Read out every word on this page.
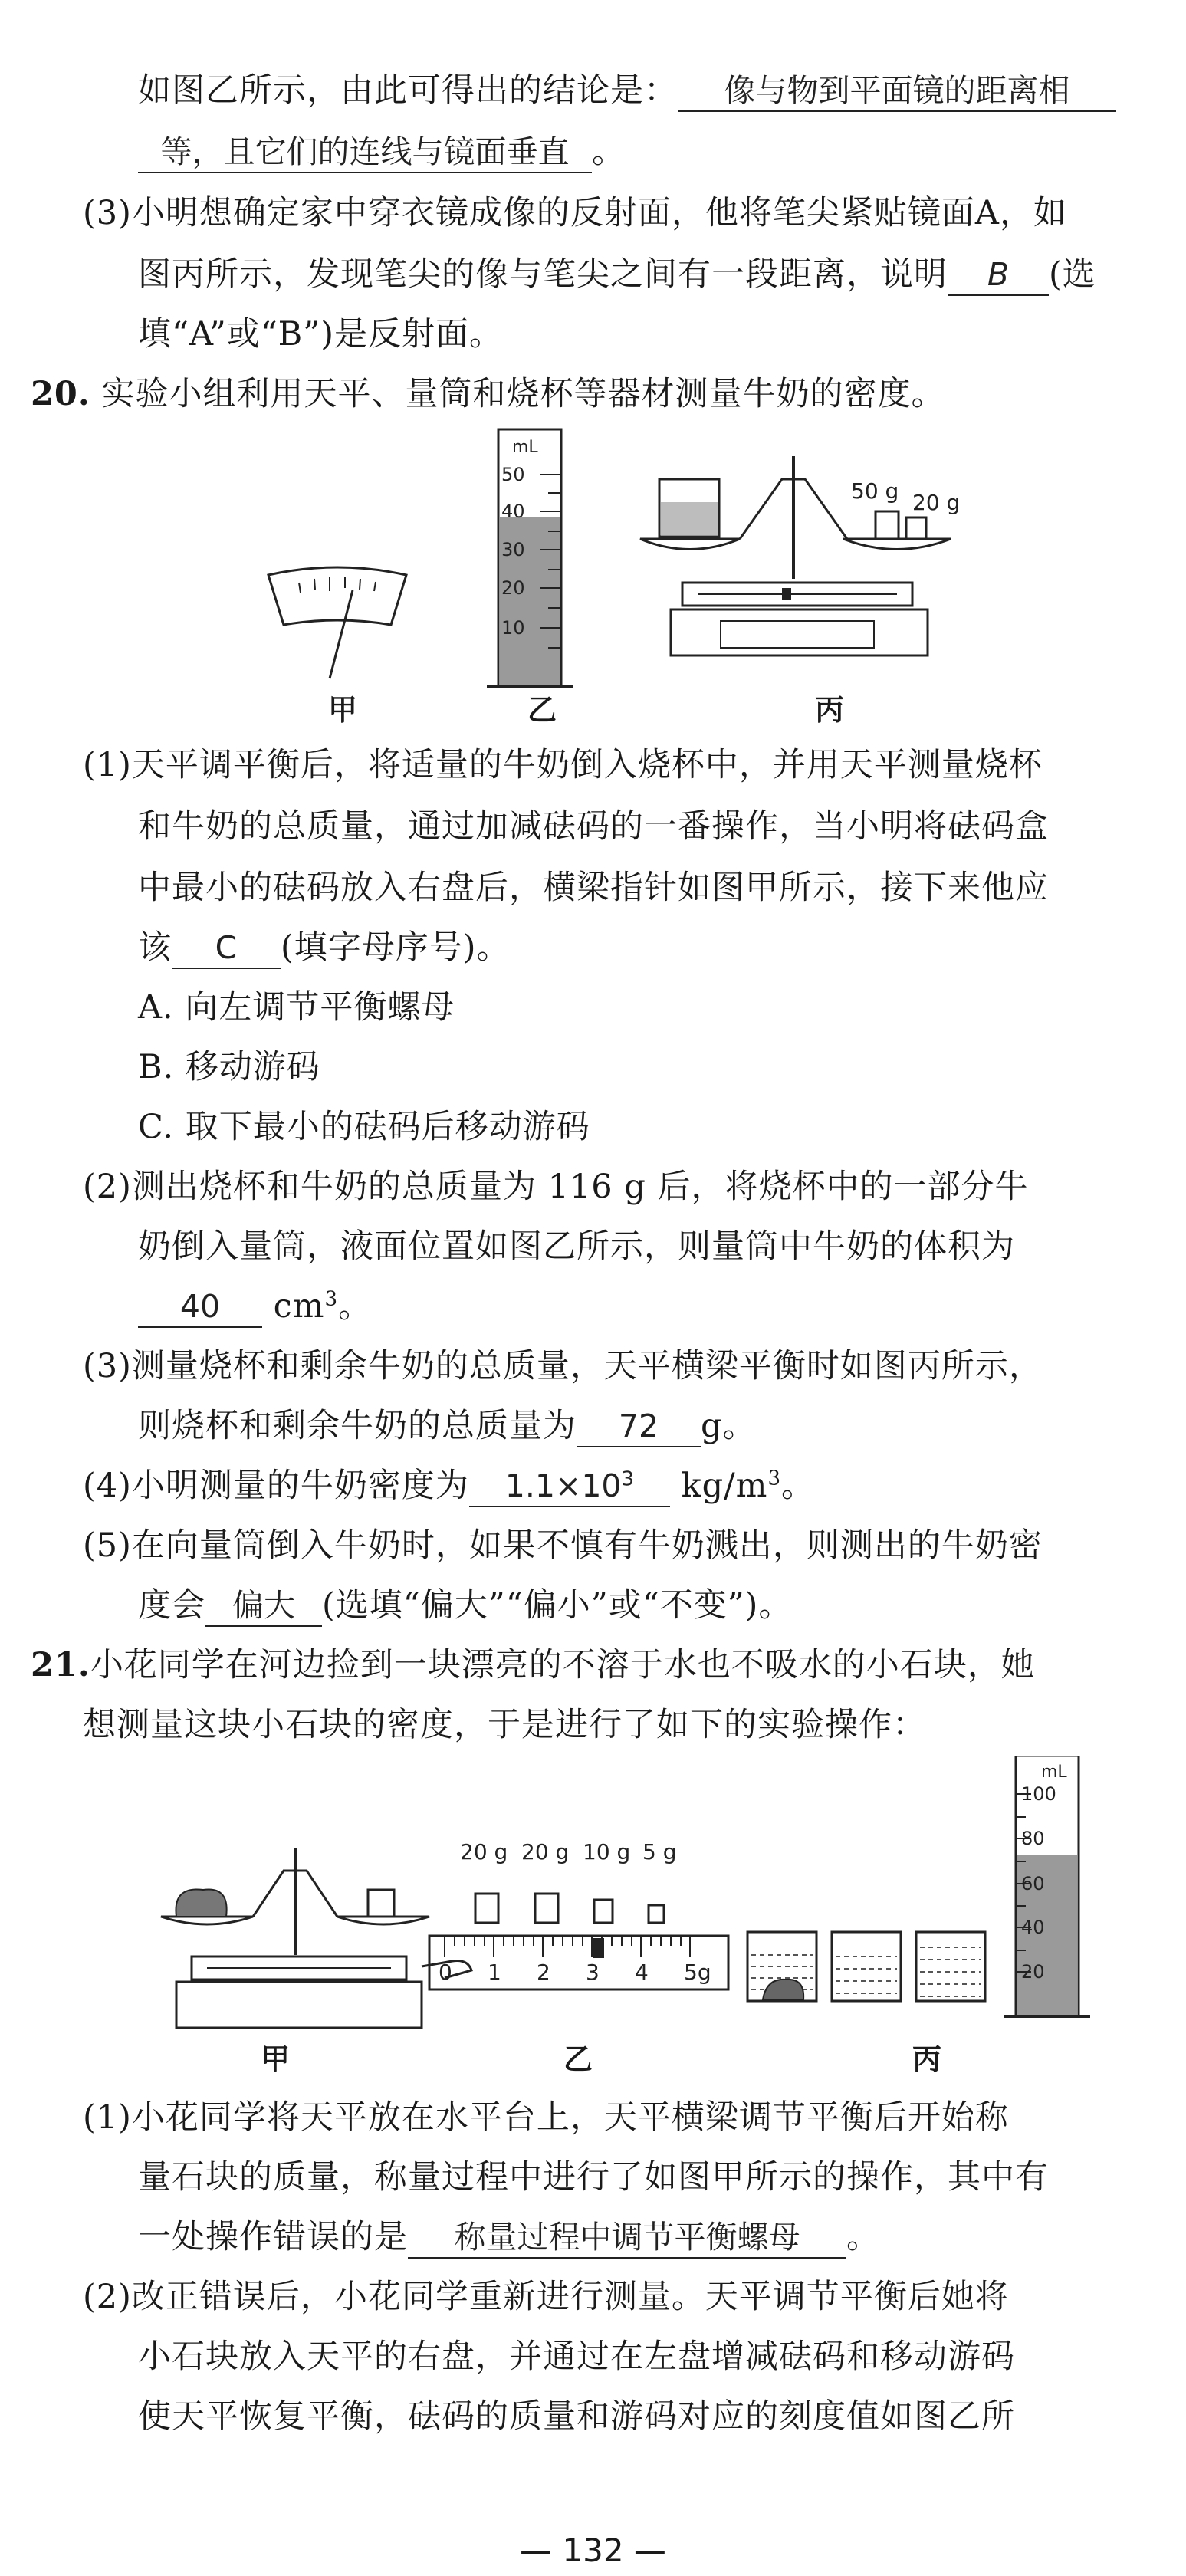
如图乙所示，由此可得出的结论是： 像与物到平面镜的距离相
等，且它们的连线与镜面垂直 。
(3)小明想确定家中穿衣镜成像的反射面，他将笔尖紧贴镜面A，如
图丙所示，发现笔尖的像与笔尖之间有一段距离，说明 B (选
填“A”或“B”)是反射面。
20. 实验小组利用天平、量筒和烧杯等器材测量牛奶的密度。
mL
50
40
30
20
10
50 g 20 g
甲	乙	丙
(1)天平调平衡后，将适量的牛奶倒入烧杯中，并用天平测量烧杯
和牛奶的总质量，通过加减砝码的一番操作，当小明将砝码盒
中最小的砝码放入右盘后，横梁指针如图甲所示，接下来他应
该 C (填字母序号)。
A. 向左调节平衡螺母
B. 移动游码
C. 取下最小的砝码后移动游码
(2)测出烧杯和牛奶的总质量为 116 g 后，将烧杯中的一部分牛
奶倒入量筒，液面位置如图乙所示，则量筒中牛奶的体积为
40 $cm^3$。
(3)测量烧杯和剩余牛奶的总质量，天平横梁平衡时如图丙所示，
则烧杯和剩余牛奶的总质量为 72 g。
(4)小明测量的牛奶密度为 $1.1\times 10^3$ $kg/m^3$。
(5)在向量筒倒入牛奶时，如果不慎有牛奶溅出，则测出的牛奶密
度会 偏大 (选填“偏大”“偏小”或“不变”)。
21.小花同学在河边捡到一块漂亮的不溶于水也不吸水的小石块，她
想测量这块小石块的密度，于是进行了如下的实验操作：
20 g 20 g 10 g 5 g
0 1 2 3 4 5g
mL
100
80
60
40
20
甲	乙	丙
(1)小花同学将天平放在水平台上，天平横梁调节平衡后开始称
量石块的质量，称量过程中进行了如图甲所示的操作，其中有
一处操作错误的是 称量过程中调节平衡螺母 。
(2)改正错误后，小花同学重新进行测量。天平调节平衡后她将
小石块放入天平的右盘，并通过在左盘增减砝码和移动游码
使天平恢复平衡，砝码的质量和游码对应的刻度值如图乙所
— 132 —
